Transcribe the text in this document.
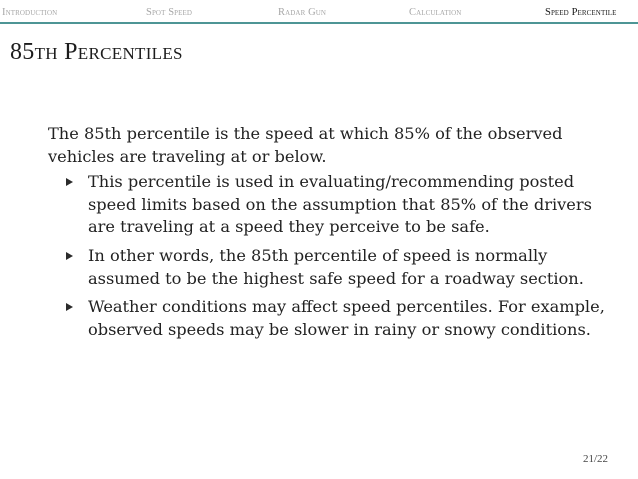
Introduction	Spot Speed	Radar Gun	Calculation	Speed Percentile
85th Percentiles

The 85th percentile is the speed at which 85% of the observed vehicles are traveling at or below.

This percentile is used in evaluating/recommending posted speed limits based on the assumption that 85% of the drivers are traveling at a speed they perceive to be safe.
In other words, the 85th percentile of speed is normally assumed to be the highest safe speed for a roadway section.
Weather conditions may affect speed percentiles. For example, observed speeds may be slower in rainy or snowy conditions.
21/22
